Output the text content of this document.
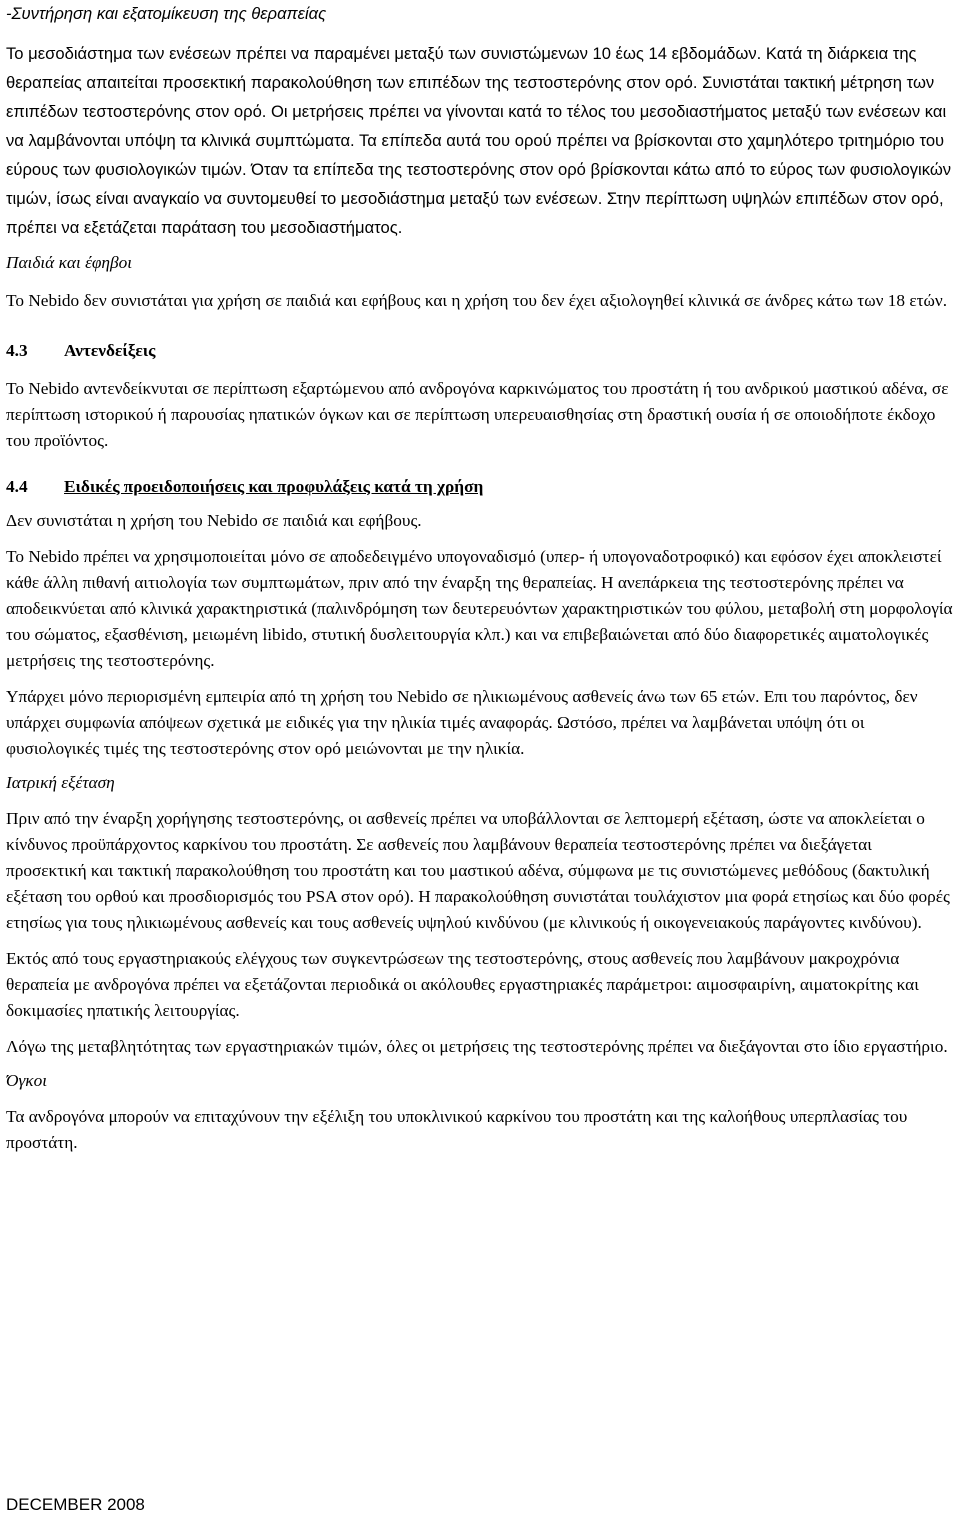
-Συντήρηση και εξατομίκευση της θεραπείας

Το μεσοδιάστημα των ενέσεων πρέπει να παραμένει μεταξύ των συνιστώμενων 10 έως 14 εβδομάδων. Κατά τη διάρκεια της θεραπείας απαιτείται προσεκτική παρακολούθηση των επιπέδων της τεστοστερόνης στον ορό. Συνιστάται τακτική μέτρηση των επιπέδων τεστοστερόνης στον ορό. Οι μετρήσεις πρέπει να γίνονται κατά το τέλος του μεσοδιαστήματος μεταξύ των ενέσεων και να λαμβάνονται υπόψη τα κλινικά συμπτώματα. Τα επίπεδα αυτά του ορού πρέπει να βρίσκονται στο χαμηλότερο τριτημόριο του εύρους των φυσιολογικών τιμών. Όταν τα επίπεδα της τεστοστερόνης στον ορό βρίσκονται κάτω από το εύρος των φυσιολογικών τιμών, ίσως είναι αναγκαίο να συντομευθεί το μεσοδιάστημα μεταξύ των ενέσεων. Στην περίπτωση υψηλών επιπέδων στον ορό, πρέπει να εξετάζεται παράταση του μεσοδιαστήματος.

Παιδιά και έφηβοι

Το Nebido δεν συνιστάται για χρήση σε παιδιά και εφήβους και η χρήση του δεν έχει αξιολογηθεί κλινικά σε άνδρες κάτω των 18 ετών.

4.3 Αντενδείξεις

Το Nebido αντενδείκνυται σε περίπτωση εξαρτώμενου από ανδρογόνα καρκινώματος του προστάτη ή του ανδρικού μαστικού αδένα, σε περίπτωση ιστορικού ή παρουσίας ηπατικών όγκων και σε περίπτωση υπερευαισθησίας στη δραστική ουσία ή σε οποιοδήποτε έκδοχο του προϊόντος.

4.4 Ειδικές προειδοποιήσεις και προφυλάξεις κατά τη χρήση

Δεν συνιστάται η χρήση του Nebido σε παιδιά και εφήβους.

Το Nebido πρέπει να χρησιμοποιείται μόνο σε αποδεδειγμένο υπογοναδισμό (υπερ- ή υπογοναδοτροφικό) και εφόσον έχει αποκλειστεί κάθε άλλη πιθανή αιτιολογία των συμπτωμάτων, πριν από την έναρξη της θεραπείας. Η ανεπάρκεια της τεστοστερόνης πρέπει να αποδεικνύεται από κλινικά χαρακτηριστικά (παλινδρόμηση των δευτερευόντων χαρακτηριστικών του φύλου, μεταβολή στη μορφολογία του σώματος, εξασθένιση, μειωμένη libido, στυτική δυσλειτουργία κλπ.) και να επιβεβαιώνεται από δύο διαφορετικές αιματολογικές μετρήσεις της τεστοστερόνης.

Υπάρχει μόνο περιορισμένη εμπειρία από τη χρήση του Nebido σε ηλικιωμένους ασθενείς άνω των 65 ετών. Επι του παρόντος, δεν υπάρχει συμφωνία απόψεων σχετικά με ειδικές για την ηλικία τιμές αναφοράς. Ωστόσο, πρέπει να λαμβάνεται υπόψη ότι οι φυσιολογικές τιμές της τεστοστερόνης στον ορό μειώνονται με την ηλικία.

Ιατρική εξέταση

Πριν από την έναρξη χορήγησης τεστοστερόνης, οι ασθενείς πρέπει να υποβάλλονται σε λεπτομερή εξέταση, ώστε να αποκλείεται ο κίνδυνος προϋπάρχοντος καρκίνου του προστάτη. Σε ασθενείς που λαμβάνουν θεραπεία τεστοστερόνης πρέπει να διεξάγεται προσεκτική και τακτική παρακολούθηση του προστάτη και του μαστικού αδένα, σύμφωνα με τις συνιστώμενες μεθόδους (δακτυλική εξέταση του ορθού και προσδιορισμός του PSA στον ορό). Η παρακολούθηση συνιστάται τουλάχιστον μια φορά ετησίως και δύο φορές ετησίως για τους ηλικιωμένους ασθενείς και τους ασθενείς υψηλού κινδύνου (με κλινικούς ή οικογενειακούς παράγοντες κινδύνου).

Εκτός από τους εργαστηριακούς ελέγχους των συγκεντρώσεων της τεστοστερόνης, στους ασθενείς που λαμβάνουν μακροχρόνια θεραπεία με ανδρογόνα πρέπει να εξετάζονται περιοδικά οι ακόλουθες εργαστηριακές παράμετροι: αιμοσφαιρίνη, αιματοκρίτης και δοκιμασίες ηπατικής λειτουργίας.

Λόγω της μεταβλητότητας των εργαστηριακών τιμών, όλες οι μετρήσεις της τεστοστερόνης πρέπει να διεξάγονται στο ίδιο εργαστήριο.

Όγκοι

Τα ανδρογόνα μπορούν να επιταχύνουν την εξέλιξη του υποκλινικού καρκίνου του προστάτη και της καλοήθους υπερπλασίας του προστάτη.

DECEMBER 2008
